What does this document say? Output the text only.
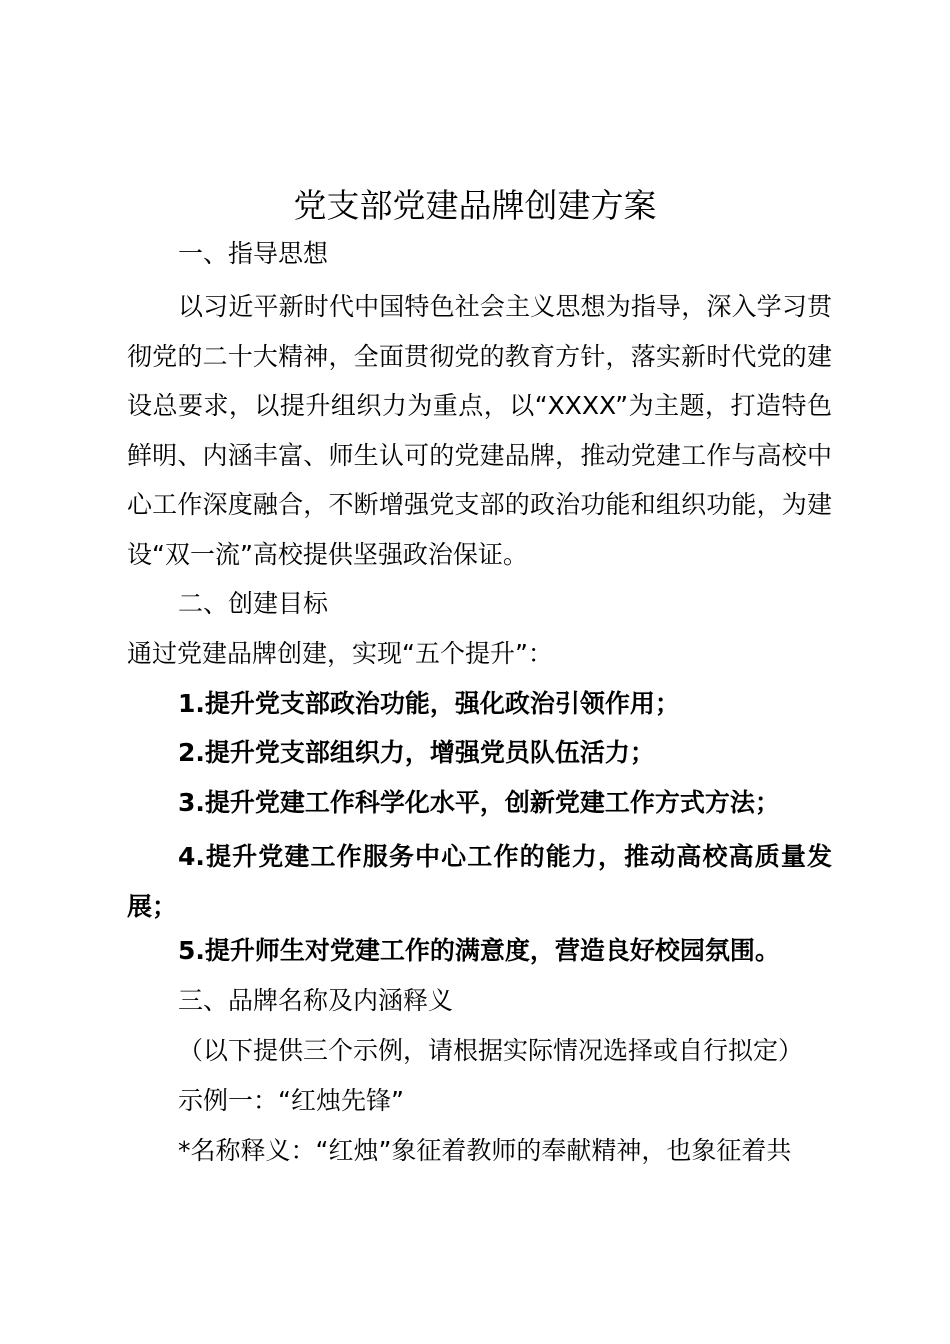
党支部党建品牌创建方案
一、指导思想

以习近平新时代中国特色社会主义思想为指导，深入学习贯彻党的二十大精神，全面贯彻党的教育方针，落实新时代党的建设总要求，以提升组织力为重点，以“XXXX”为主题，打造特色鲜明、内涵丰富、师生认可的党建品牌，推动党建工作与高校中心工作深度融合，不断增强党支部的政治功能和组织功能，为建设“双一流”高校提供坚强政治保证。

二、创建目标
通过党建品牌创建，实现“五个提升”：
1.提升党支部政治功能，强化政治引领作用；
2.提升党支部组织力，增强党员队伍活力；
3.提升党建工作科学化水平，创新党建工作方式方法；

4.提升党建工作服务中心工作的能力，推动高校高质量发展；

5.提升师生对党建工作的满意度，营造良好校园氛围。
三、品牌名称及内涵释义
（以下提供三个示例，请根据实际情况选择或自行拟定）
示例一：“红烛先锋”
*名称释义：“红烛”象征着教师的奉献精神，也象征着共
